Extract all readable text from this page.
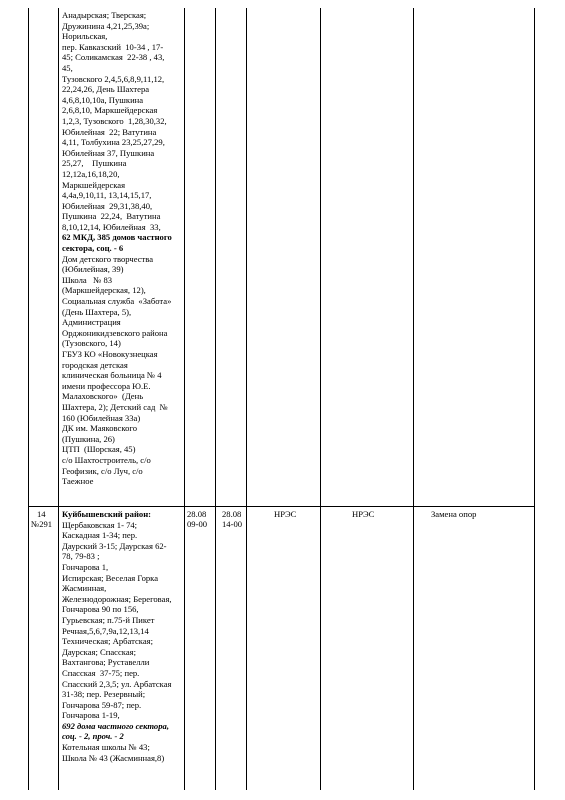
Анадырская; Тверская;
Дружинина 4,21,25,39а;
Норильская,
пер. Кавказский  10-34 , 17-
45; Соликамская  22-38 , 43,
45,
Тузовского 2,4,5,6,8,9,11,12,
22,24,26, День Шахтера
4,6,8,10,10а, Пушкина
2,6,8,10, Маркшейдерская
1,2,3, Тузовского  1,28,30,32,
Юбилейная  22; Ватутина
4,11, Толбухина 23,25,27,29,
Юбилейная 37, Пушкина
25,27,    Пушкина
12,12а,16,18,20,
Маркшейдерская
4,4а,9,10,11, 13,14,15,17,
Юбилейная  29,31,38,40,
Пушкина  22,24,  Ватутина
8,10,12,14, Юбилейная  33,
62 МКД, 385 домов частного
сектора, соц. - 6
Дом детского творчества
(Юбилейная, 39)
Школа   № 83
(Маркшейдерская, 12),
Социальная служба  «Забота»
(День Шахтера, 5),
Администрация
Орджоникидзевского района
(Тузовского, 14)
ГБУЗ КО «Новокузнецкая
городская детская
клиническая больница № 4
имени профессора Ю.Е.
Малаховского»  (День
Шахтера, 2); Детский сад  №
160 (Юбилейная 33а)
ДК им. Маяковского
(Пушкина, 26)
ЦТП  (Шорская, 45)
с/о Шахтостроитель, с/о
Геофизик, с/о Луч, с/о
Таежное
14
№291
28.08
09-00
28.08
14-00
НРЭС	НРЭС	Замена опор
Куйбышевский район:
Щербаковская 1- 74;
Каскадная 1-34; пер.
Даурский 3-15; Даурская 62-
78, 79-83 ;
Гончарова 1,
Испирская; Веселая Горка
Жасминная,
Железнодорожная; Береговая,
Гончарова 90 по 156,
Гурьевская; п.75-й Пикет
Речная,5,6,7,9а,12,13,14
Техническая; Арбатская;
Даурская; Спасская;
Вахтангова; Руставелли
Спасская  37-75; пер.
Спасский 2,3,5; ул. Арбатская
31-38; пер. Резервный;
Гончарова 59-87; пер.
Гончарова 1-19,
692 дома частного сектора,
соц. - 2, проч. - 2
Котельная школы № 43;
Школа № 43 (Жасминная,8)
